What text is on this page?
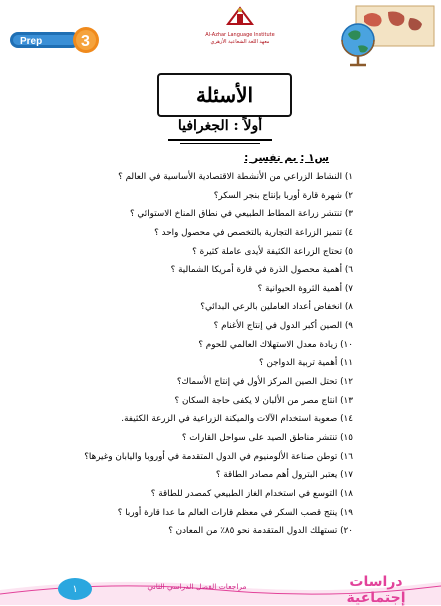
Prep 3	Al-Azhar Language Institute
معهد اللغة الشعاعية الأزهري
الأسئلة
أولاً : الجغرافيا
س١ : بم تفسر :
١) النشاط الزراعي من الأنشطة الاقتصادية الأساسية في العالم ؟
٢) شهرة قارة أوربا بإنتاج بنجر السكر؟
٣) تنتشر زراعة المطاط الطبيعي في نطاق المناخ الاستوائي ؟
٤) تتميز الزراعة التجارية بالتخصص في محصول واحد ؟
٥) تحتاج الزراعة الكثيفة لأيدى عاملة كثيرة ؟
٦) أهمية محصول الذرة في قارة أمريكا الشمالية ؟
٧) أهمية الثروة الحيوانية ؟
٨) انخفاض أعداد العاملين بالرعي البدائي؟
٩) الصين أكبر الدول في إنتاج الأغنام ؟
١٠) زيادة معدل الاستهلاك العالمي للحوم ؟
١١) أهمية تربية الدواجن ؟
١٢) تحتل الصين المركز الأول في إنتاج الأسماك؟
١٣) انتاج مصر من الألبان لا يكفى حاجة السكان ؟
١٤) صعوبة استخدام الآلات والميكنة الزراعية في الزرعة الكثيفة.
١٥) تنتشر مناطق الصيد على سواحل القارات ؟
١٦) توطن صناعة الألومنيوم في الدول المتقدمة في أوروبا واليابان وغيرها؟
١٧) يعتبر البترول أهم مصادر الطاقة ؟
١٨) التوسع في استخدام الغاز الطبيعي كمصدر للطاقة ؟
١٩) ينتج قصب السكر في معظم قارات العالم ما عدا قارة أوربا ؟
٢٠) تستهلك الدول المتقدمة نحو ٨٥٪ من المعادن ؟
١	مراجعات الفصل الدراسي الثاني	دراسات إجتماعية
